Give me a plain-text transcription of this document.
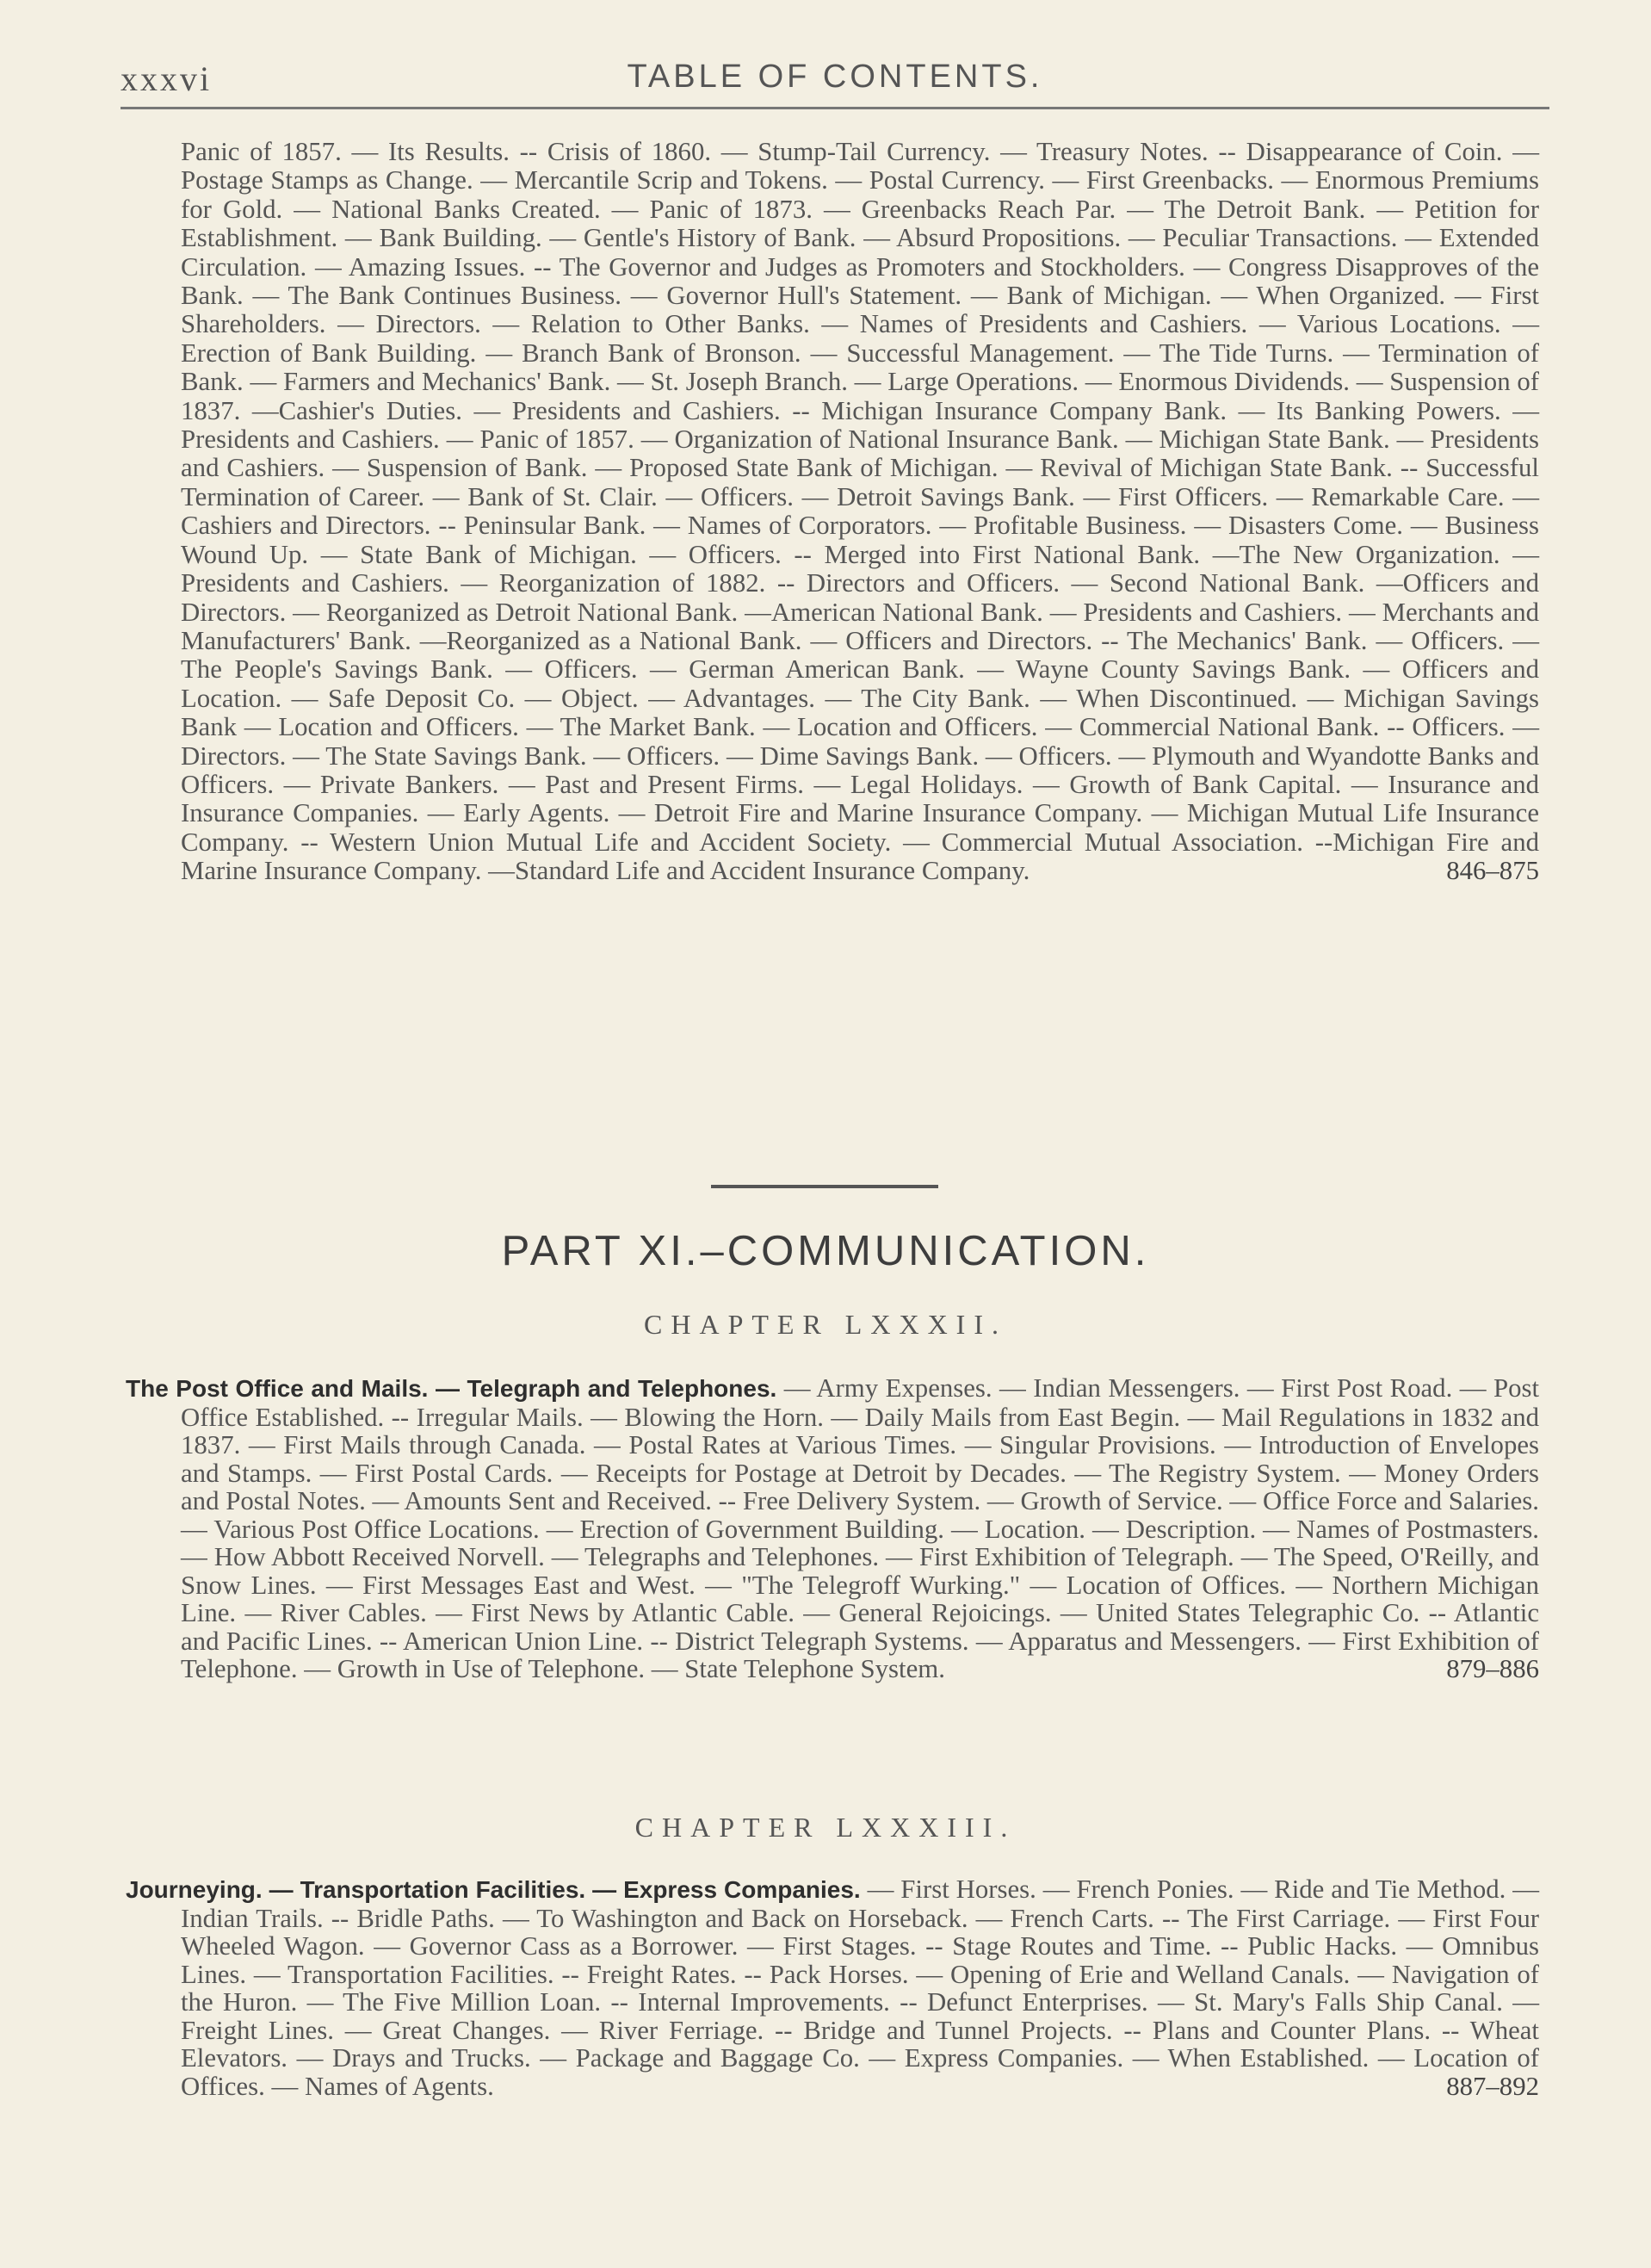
xxxvi	TABLE OF CONTENTS.
Panic of 1857. — Its Results. -- Crisis of 1860. — Stump-Tail Currency. — Treasury Notes. -- Disappearance of Coin. — Postage Stamps as Change. — Mercantile Scrip and Tokens. — Postal Currency. — First Greenbacks. — Enormous Premiums for Gold. — National Banks Created. — Panic of 1873. — Greenbacks Reach Par. — The Detroit Bank. — Petition for Establishment. — Bank Building. — Gentle's History of Bank. — Absurd Propositions. — Peculiar Transactions. — Extended Circulation. — Amazing Issues. -- The Governor and Judges as Promoters and Stockholders. — Congress Disapproves of the Bank. — The Bank Continues Business. — Governor Hull's Statement. — Bank of Michigan. — When Organized. — First Shareholders. — Directors. — Relation to Other Banks. — Names of Presidents and Cashiers. — Various Locations. — Erection of Bank Building. — Branch Bank of Bronson. — Successful Management. — The Tide Turns. — Termination of Bank. — Farmers and Mechanics' Bank. — St. Joseph Branch. — Large Operations. — Enormous Dividends. — Suspension of 1837. —Cashier's Duties. — Presidents and Cashiers. -- Michigan Insurance Company Bank. — Its Banking Powers. — Presidents and Cashiers. — Panic of 1857. — Organization of National Insurance Bank. — Michigan State Bank. — Presidents and Cashiers. — Suspension of Bank. — Proposed State Bank of Michigan. — Revival of Michigan State Bank. -- Successful Termination of Career. — Bank of St. Clair. — Officers. — Detroit Savings Bank. — First Officers. — Remarkable Care. — Cashiers and Directors. -- Peninsular Bank. — Names of Corporators. — Profitable Business. — Disasters Come. — Business Wound Up. — State Bank of Michigan. — Officers. -- Merged into First National Bank. —The New Organization. — Presidents and Cashiers. — Reorganization of 1882. -- Directors and Officers. — Second National Bank. —Officers and Directors. — Reorganized as Detroit National Bank. —American National Bank. — Presidents and Cashiers. — Merchants and Manufacturers' Bank. —Reorganized as a National Bank. — Officers and Directors. -- The Mechanics' Bank. — Officers. — The People's Savings Bank. — Officers. — German American Bank. — Wayne County Savings Bank. — Officers and Location. — Safe Deposit Co. — Object. — Advantages. — The City Bank. — When Discontinued. — Michigan Savings Bank — Location and Officers. — The Market Bank. — Location and Officers. — Commercial National Bank. -- Officers. — Directors. — The State Savings Bank. — Officers. — Dime Savings Bank. — Officers. — Plymouth and Wyandotte Banks and Officers. — Private Bankers. — Past and Present Firms. — Legal Holidays. — Growth of Bank Capital. — Insurance and Insurance Companies. — Early Agents. — Detroit Fire and Marine Insurance Company. — Michigan Mutual Life Insurance Company. -- Western Union Mutual Life and Accident Society. — Commercial Mutual Association. --Michigan Fire and Marine Insurance Company. —Standard Life and Accident Insurance Company.	846–875
PART XI.–COMMUNICATION.
CHAPTER LXXXII.
The Post Office and Mails. — Telegraph and Telephones. — Army Expenses. — Indian Messengers. — First Post Road. — Post Office Established. -- Irregular Mails. — Blowing the Horn. — Daily Mails from East Begin. — Mail Regulations in 1832 and 1837. — First Mails through Canada. — Postal Rates at Various Times. — Singular Provisions. — Introduction of Envelopes and Stamps. — First Postal Cards. — Receipts for Postage at Detroit by Decades. — The Registry System. — Money Orders and Postal Notes. — Amounts Sent and Received. -- Free Delivery System. — Growth of Service. — Office Force and Salaries. — Various Post Office Locations. — Erection of Government Building. — Location. — Description. — Names of Postmasters. — How Abbott Received Norvell. — Telegraphs and Telephones. — First Exhibition of Telegraph. — The Speed, O'Reilly, and Snow Lines. — First Messages East and West. — "The Telegroff Wurking." — Location of Offices. — Northern Michigan Line. — River Cables. — First News by Atlantic Cable. — General Rejoicings. — United States Telegraphic Co. -- Atlantic and Pacific Lines. -- American Union Line. -- District Telegraph Systems. — Apparatus and Messengers. — First Exhibition of Telephone. — Growth in Use of Telephone. — State Telephone System.	879–886
CHAPTER LXXXIII.
Journeying. — Transportation Facilities. — Express Companies. — First Horses. — French Ponies. — Ride and Tie Method. — Indian Trails. -- Bridle Paths. — To Washington and Back on Horseback. — French Carts. -- The First Carriage. — First Four Wheeled Wagon. — Governor Cass as a Borrower. — First Stages. -- Stage Routes and Time. -- Public Hacks. — Omnibus Lines. — Transportation Facilities. -- Freight Rates. -- Pack Horses. — Opening of Erie and Welland Canals. — Navigation of the Huron. — The Five Million Loan. -- Internal Improvements. -- Defunct Enterprises. — St. Mary's Falls Ship Canal. — Freight Lines. — Great Changes. — River Ferriage. -- Bridge and Tunnel Projects. -- Plans and Counter Plans. -- Wheat Elevators. — Drays and Trucks. — Package and Baggage Co. — Express Companies. — When Established. — Location of Offices. — Names of Agents.	887–892
